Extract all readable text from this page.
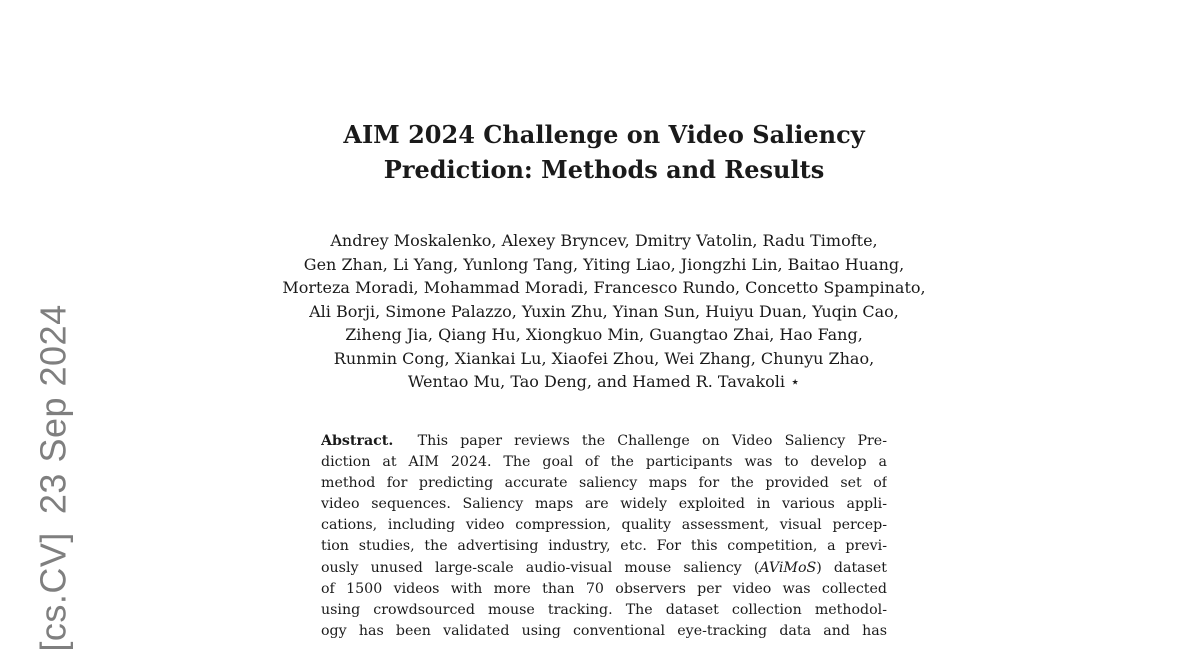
[cs.CV]23 Sep 2024
AIM 2024 Challenge on Video Saliency
Prediction: Methods and Results
Andrey Moskalenko, Alexey Bryncev, Dmitry Vatolin, Radu Timofte,
Gen Zhan, Li Yang, Yunlong Tang, Yiting Liao, Jiongzhi Lin, Baitao Huang,
Morteza Moradi, Mohammad Moradi, Francesco Rundo, Concetto Spampinato,
Ali Borji, Simone Palazzo, Yuxin Zhu, Yinan Sun, Huiyu Duan, Yuqin Cao,
Ziheng Jia, Qiang Hu, Xiongkuo Min, Guangtao Zhai, Hao Fang,
Runmin Cong, Xiankai Lu, Xiaofei Zhou, Wei Zhang, Chunyu Zhao,
Wentao Mu, Tao Deng, and Hamed R. Tavakoli ⋆
Abstract. This paper reviews the Challenge on Video Saliency Pre-
diction at AIM 2024. The goal of the participants was to develop a
method for predicting accurate saliency maps for the provided set of
video sequences. Saliency maps are widely exploited in various appli-
cations, including video compression, quality assessment, visual percep-
tion studies, the advertising industry, etc. For this competition, a previ-
ously unused large-scale audio-visual mouse saliency (AViMoS) dataset
of 1500 videos with more than 70 observers per video was collected
using crowdsourced mouse tracking. The dataset collection methodol-
ogy has been validated using conventional eye-tracking data and has
